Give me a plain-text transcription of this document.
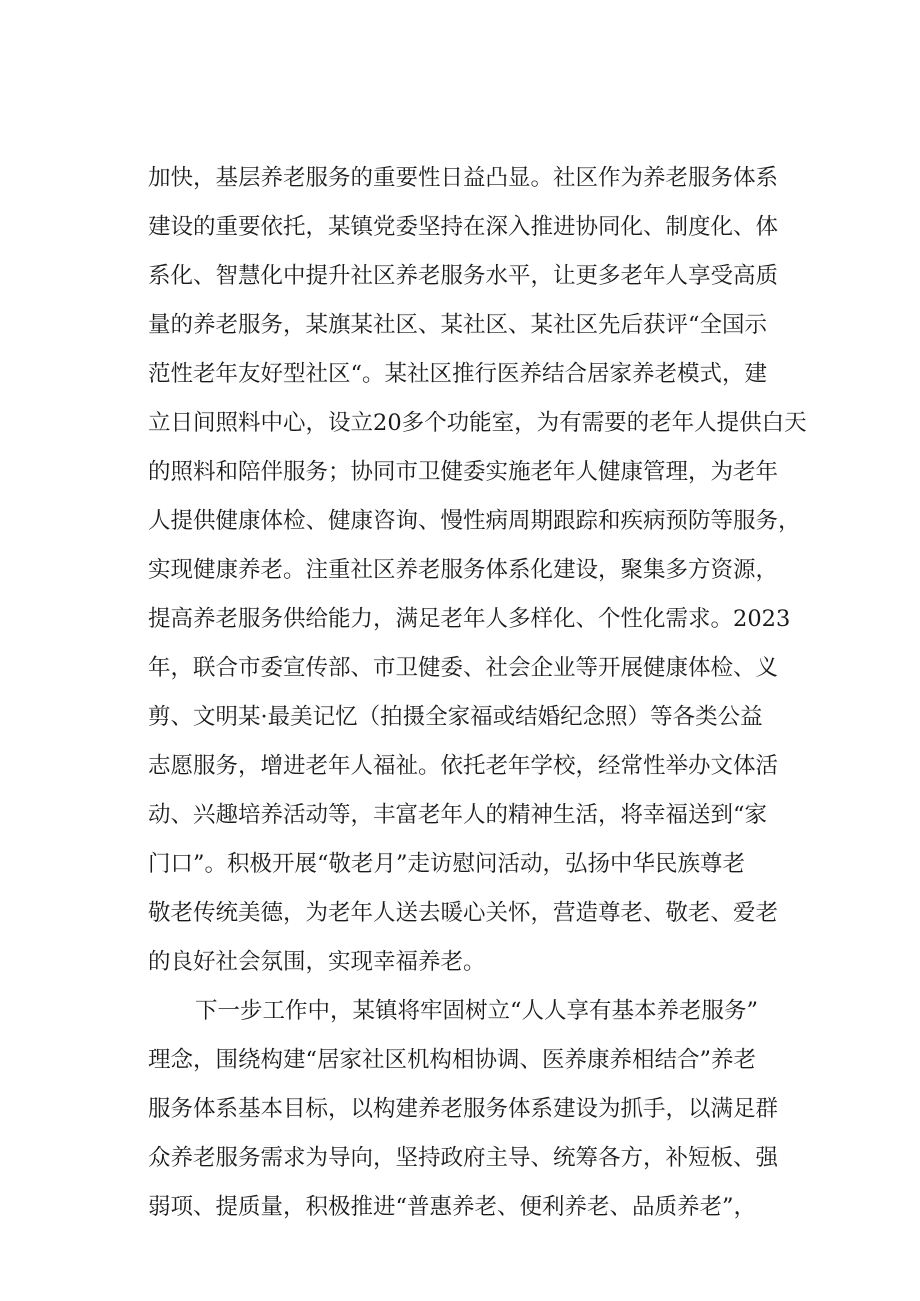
加快，基层养老服务的重要性日益凸显。社区作为养老服务体系
建设的重要依托，某镇党委坚持在深入推进协同化、制度化、体
系化、智慧化中提升社区养老服务水平，让更多老年人享受高质
量的养老服务，某旗某社区、某社区、某社区先后获评“全国示
范性老年友好型社区“。某社区推行医养结合居家养老模式，建
立日间照料中心，设立20多个功能室，为有需要的老年人提供白天
的照料和陪伴服务；协同市卫健委实施老年人健康管理，为老年
人提供健康体检、健康咨询、慢性病周期跟踪和疾病预防等服务，
实现健康养老。注重社区养老服务体系化建设，聚集多方资源，
提高养老服务供给能力，满足老年人多样化、个性化需求。2023
年，联合市委宣传部、市卫健委、社会企业等开展健康体检、义
剪、文明某·最美记忆（拍摄全家福或结婚纪念照）等各类公益
志愿服务，增进老年人福祉。依托老年学校，经常性举办文体活
动、兴趣培养活动等，丰富老年人的精神生活，将幸福送到“家
门口”。积极开展“敬老月”走访慰问活动，弘扬中华民族尊老
敬老传统美德，为老年人送去暖心关怀，营造尊老、敬老、爱老
的良好社会氛围，实现幸福养老。
下一步工作中，某镇将牢固树立“人人享有基本养老服务”
理念，围绕构建“居家社区机构相协调、医养康养相结合”养老
服务体系基本目标，以构建养老服务体系建设为抓手，以满足群
众养老服务需求为导向，坚持政府主导、统筹各方，补短板、强
弱项、提质量，积极推进“普惠养老、便利养老、品质养老”，
